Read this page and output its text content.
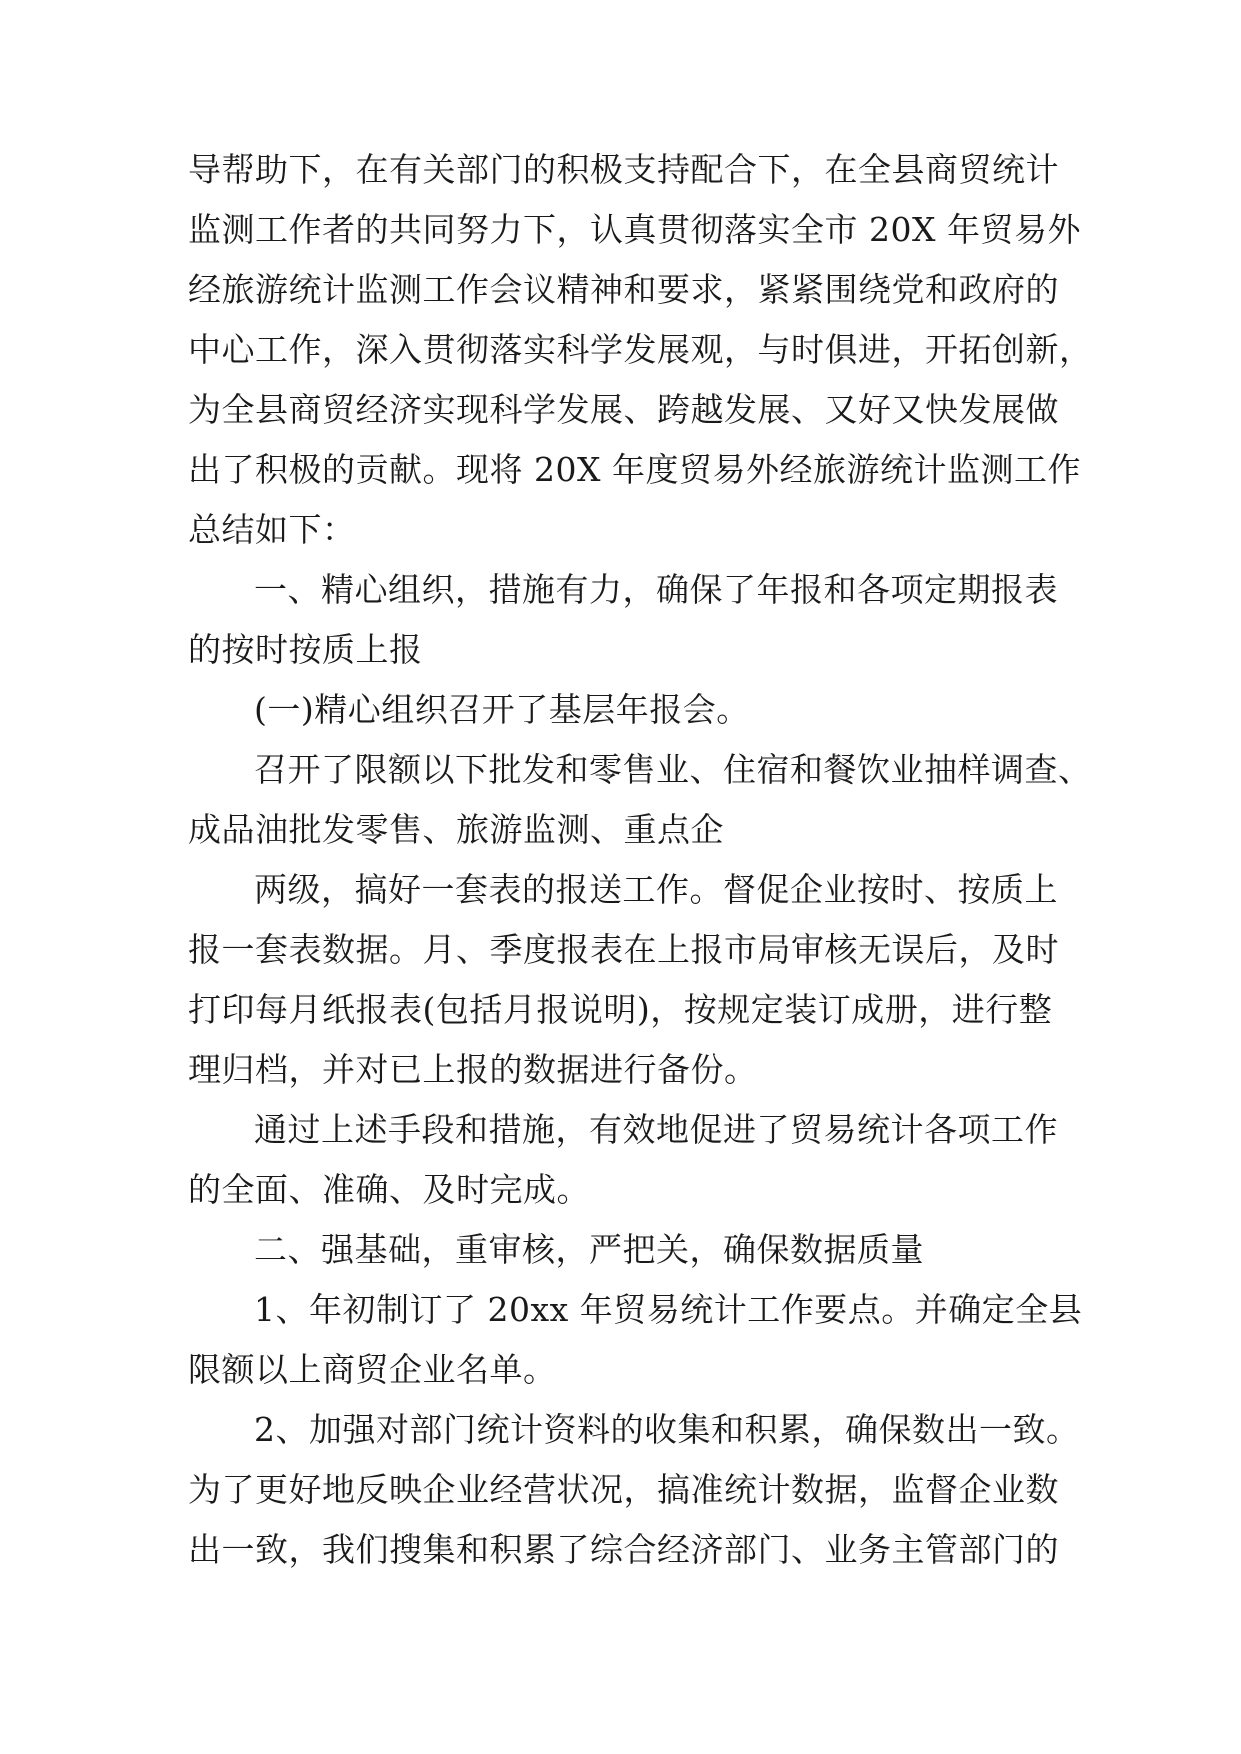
导帮助下，在有关部门的积极支持配合下，在全县商贸统计
监测工作者的共同努力下，认真贯彻落实全市 20X 年贸易外
经旅游统计监测工作会议精神和要求，紧紧围绕党和政府的
中心工作，深入贯彻落实科学发展观，与时俱进，开拓创新，
为全县商贸经济实现科学发展、跨越发展、又好又快发展做
出了积极的贡献。现将 20X 年度贸易外经旅游统计监测工作
总结如下：
一、精心组织，措施有力，确保了年报和各项定期报表
的按时按质上报
(一)精心组织召开了基层年报会。
召开了限额以下批发和零售业、住宿和餐饮业抽样调查、
成品油批发零售、旅游监测、重点企
两级，搞好一套表的报送工作。督促企业按时、按质上
报一套表数据。月、季度报表在上报市局审核无误后，及时
打印每月纸报表(包括月报说明)，按规定装订成册，进行整
理归档，并对已上报的数据进行备份。
通过上述手段和措施，有效地促进了贸易统计各项工作
的全面、准确、及时完成。
二、强基础，重审核，严把关，确保数据质量
1、年初制订了 20xx 年贸易统计工作要点。并确定全县
限额以上商贸企业名单。
2、加强对部门统计资料的收集和积累，确保数出一致。
为了更好地反映企业经营状况，搞准统计数据，监督企业数
出一致，我们搜集和积累了综合经济部门、业务主管部门的
